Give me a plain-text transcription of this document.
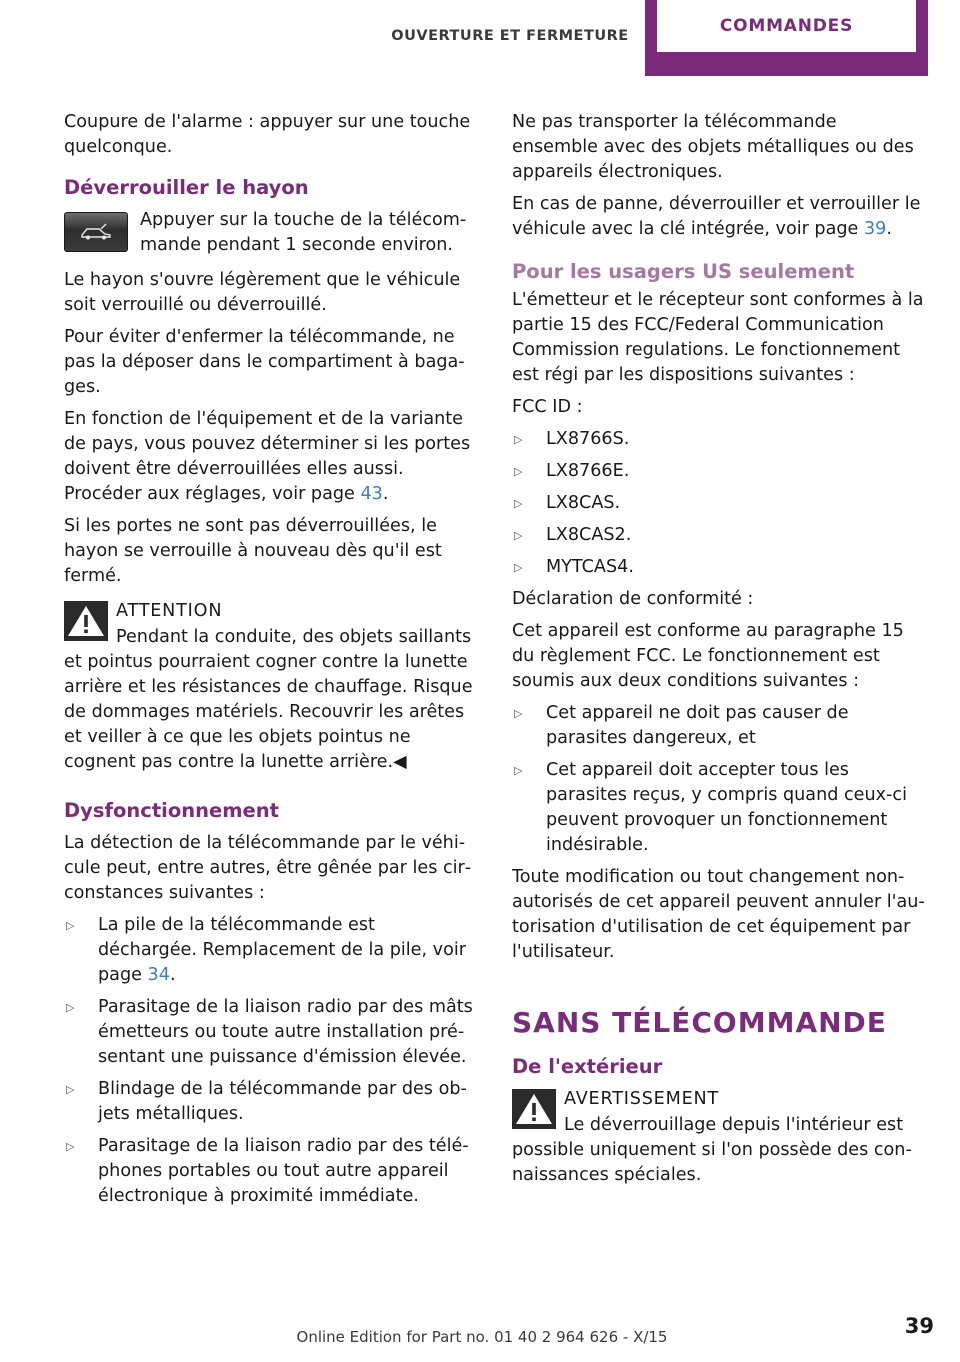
OUVERTURE ET FERMETURE	COMMANDES

Coupure de l'alarme : appuyer sur une touche quelconque.

Déverrouiller le hayon
Appuyer sur la touche de la télécom‐mande pendant 1 seconde environ.

Le hayon s'ouvre légèrement que le véhicule soit verrouillé ou déverrouillé.

Pour éviter d'enfermer la télécommande, ne pas la déposer dans le compartiment à baga‐ges.

En fonction de l'équipement et de la variante de pays, vous pouvez déterminer si les portes doivent être déverrouillées elles aussi. Procéder aux réglages, voir page 43.

Si les portes ne sont pas déverrouillées, le hayon se verrouille à nouveau dès qu'il est fermé.

ATTENTION

Pendant la conduite, des objets saillants et pointus pourraient cogner contre la lunette arrière et les résistances de chauffage. Risque de dommages matériels. Recouvrir les arêtes et veiller à ce que les objets pointus ne cognent pas contre la lunette arrière.◀

Dysfonctionnement

La détection de la télécommande par le véhi‐cule peut, entre autres, être gênée par les cir‐constances suivantes :

▷ La pile de la télécommande est déchargée. Remplacement de la pile, voir page 34.
▷ Parasitage de la liaison radio par des mâts émetteurs ou toute autre installation pré‐sentant une puissance d'émission élevée.
▷ Blindage de la télécommande par des ob‐jets métalliques.
▷ Parasitage de la liaison radio par des télé‐phones portables ou tout autre appareil électronique à proximité immédiate.

Ne pas transporter la télécommande ensemble avec des objets métalliques ou des appareils électroniques.

En cas de panne, déverrouiller et verrouiller le véhicule avec la clé intégrée, voir page 39.

Pour les usagers US seulement

L'émetteur et le récepteur sont conformes à la partie 15 des FCC/Federal Communication Commission regulations. Le fonctionnement est régi par les dispositions suivantes :

FCC ID :

▷ LX8766S.
▷ LX8766E.
▷ LX8CAS.
▷ LX8CAS2.
▷ MYTCAS4.

Déclaration de conformité :

Cet appareil est conforme au paragraphe 15 du règlement FCC. Le fonctionnement est soumis aux deux conditions suivantes :

▷ Cet appareil ne doit pas causer de parasites dangereux, et
▷ Cet appareil doit accepter tous les parasites reçus, y compris quand ceux-ci peuvent provoquer un fonctionnement indésirable.

Toute modification ou tout changement non-autorisés de cet appareil peuvent annuler l'au‐torisation d'utilisation de cet équipement par l'utilisateur.

SANS TÉLÉCOMMANDE
De l'extérieur
AVERTISSEMENT

Le déverrouillage depuis l'intérieur est possible uniquement si l'on possède des con‐naissances spéciales.

Online Edition for Part no. 01 40 2 964 626 - X/15	39
